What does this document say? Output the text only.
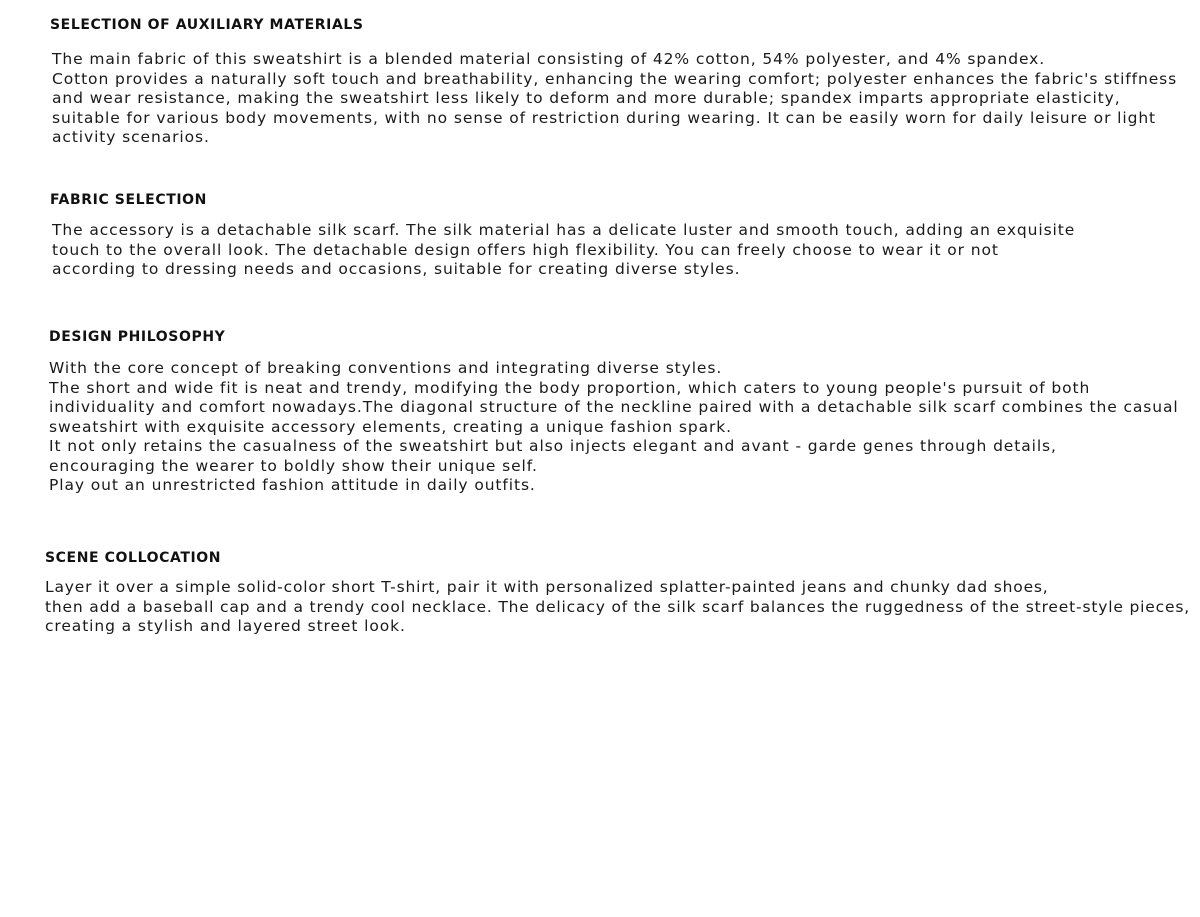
SELECTION OF AUXILIARY MATERIALS
The main fabric of this sweatshirt is a blended material consisting of 42% cotton, 54% polyester, and 4% spandex.
Cotton provides a naturally soft touch and breathability, enhancing the wearing comfort; polyester enhances the fabric's stiffness
and wear resistance, making the sweatshirt less likely to deform and more durable; spandex imparts appropriate elasticity,
suitable for various body movements, with no sense of restriction during wearing. It can be easily worn for daily leisure or light
activity scenarios.
FABRIC SELECTION
The accessory is a detachable silk scarf. The silk material has a delicate luster and smooth touch, adding an exquisite
touch to the overall look. The detachable design offers high flexibility. You can freely choose to wear it or not
according to dressing needs and occasions, suitable for creating diverse styles.
DESIGN PHILOSOPHY
With the core concept of breaking conventions and integrating diverse styles.
The short and wide fit is neat and trendy, modifying the body proportion, which caters to young people's pursuit of both
individuality and comfort nowadays.The diagonal structure of the neckline paired with a detachable silk scarf combines the casual
sweatshirt with exquisite accessory elements, creating a unique fashion spark.
It not only retains the casualness of the sweatshirt but also injects elegant and avant - garde genes through details,
encouraging the wearer to boldly show their unique self.
Play out an unrestricted fashion attitude in daily outfits.
SCENE COLLOCATION
Layer it over a simple solid-color short T-shirt, pair it with personalized splatter-painted jeans and chunky dad shoes,
then add a baseball cap and a trendy cool necklace. The delicacy of the silk scarf balances the ruggedness of the street-style pieces,
creating a stylish and layered street look.
